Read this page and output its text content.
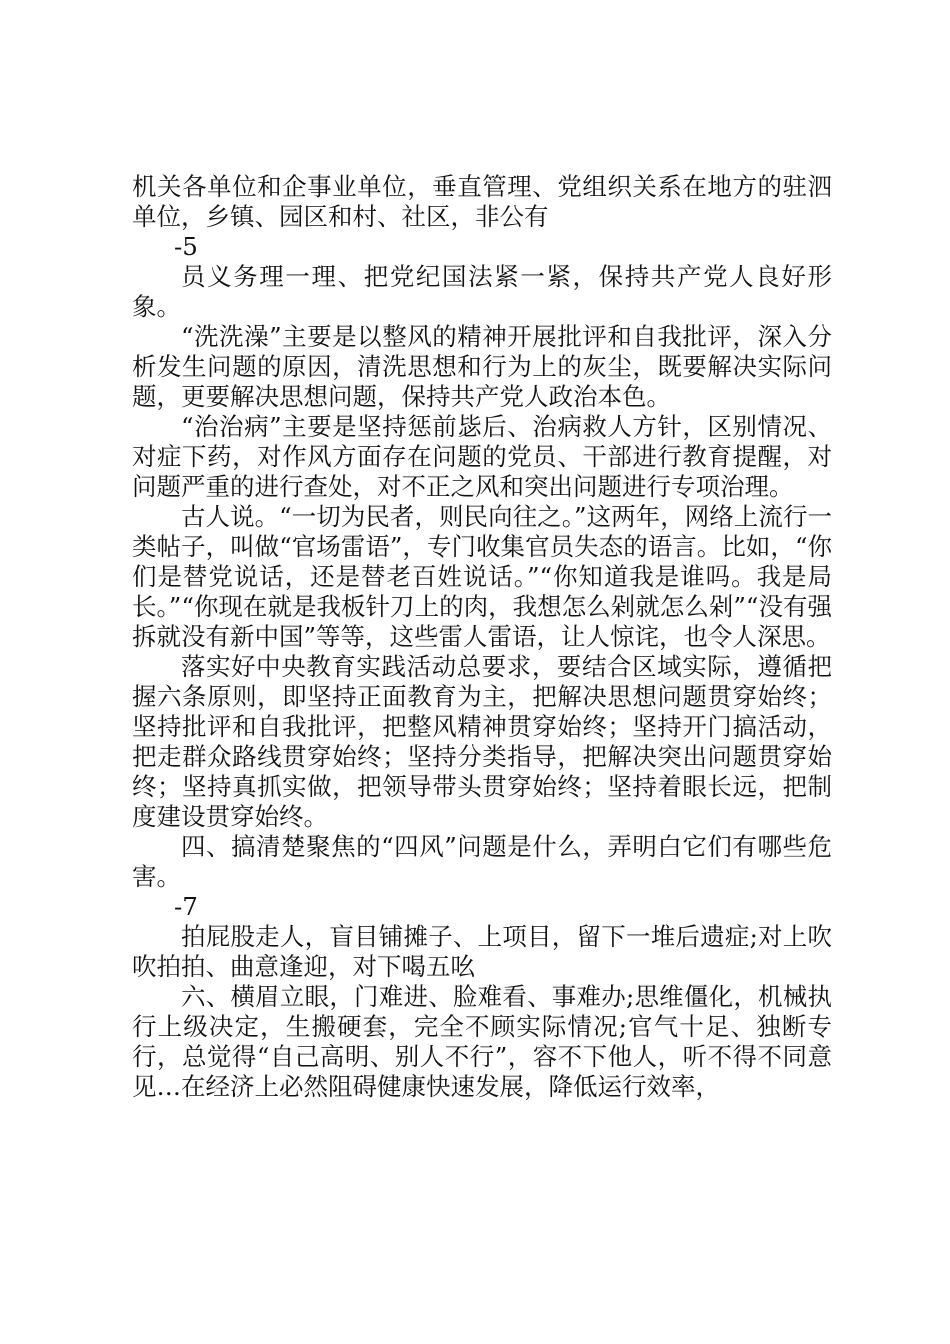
机关各单位和企事业单位，垂直管理、党组织关系在地方的驻泗单位，乡镇、园区和村、社区，非公有

-5

员义务理一理、把党纪国法紧一紧，保持共产党人良好形象。

“洗洗澡”主要是以整风的精神开展批评和自我批评，深入分析发生问题的原因，清洗思想和行为上的灰尘，既要解决实际问题，更要解决思想问题，保持共产党人政治本色。

“治治病”主要是坚持惩前毖后、治病救人方针，区别情况、对症下药，对作风方面存在问题的党员、干部进行教育提醒，对问题严重的进行查处，对不正之风和突出问题进行专项治理。

古人说。“一切为民者，则民向往之。”这两年，网络上流行一类帖子，叫做“官场雷语”，专门收集官员失态的语言。比如，“你们是替党说话，还是替老百姓说话。”“你知道我是谁吗。我是局长。”“你现在就是我板针刀上的肉，我想怎么剁就怎么剁”“没有强拆就没有新中国”等等，这些雷人雷语，让人惊诧，也令人深思。

落实好中央教育实践活动总要求，要结合区域实际，遵循把握六条原则，即坚持正面教育为主，把解决思想问题贯穿始终；坚持批评和自我批评，把整风精神贯穿始终；坚持开门搞活动，把走群众路线贯穿始终；坚持分类指导，把解决突出问题贯穿始终；坚持真抓实做，把领导带头贯穿始终；坚持着眼长远，把制度建设贯穿始终。

四、搞清楚聚焦的“四风”问题是什么，弄明白它们有哪些危害。

-7

拍屁股走人，盲目铺摊子、上项目，留下一堆后遗症;对上吹吹拍拍、曲意逢迎，对下喝五吆

六、横眉立眼，门难进、脸难看、事难办;思维僵化，机械执行上级决定，生搬硬套，完全不顾实际情况;官气十足、独断专行，总觉得“自己高明、别人不行”，容不下他人，听不得不同意见…在经济上必然阻碍健康快速发展，降低运行效率，
